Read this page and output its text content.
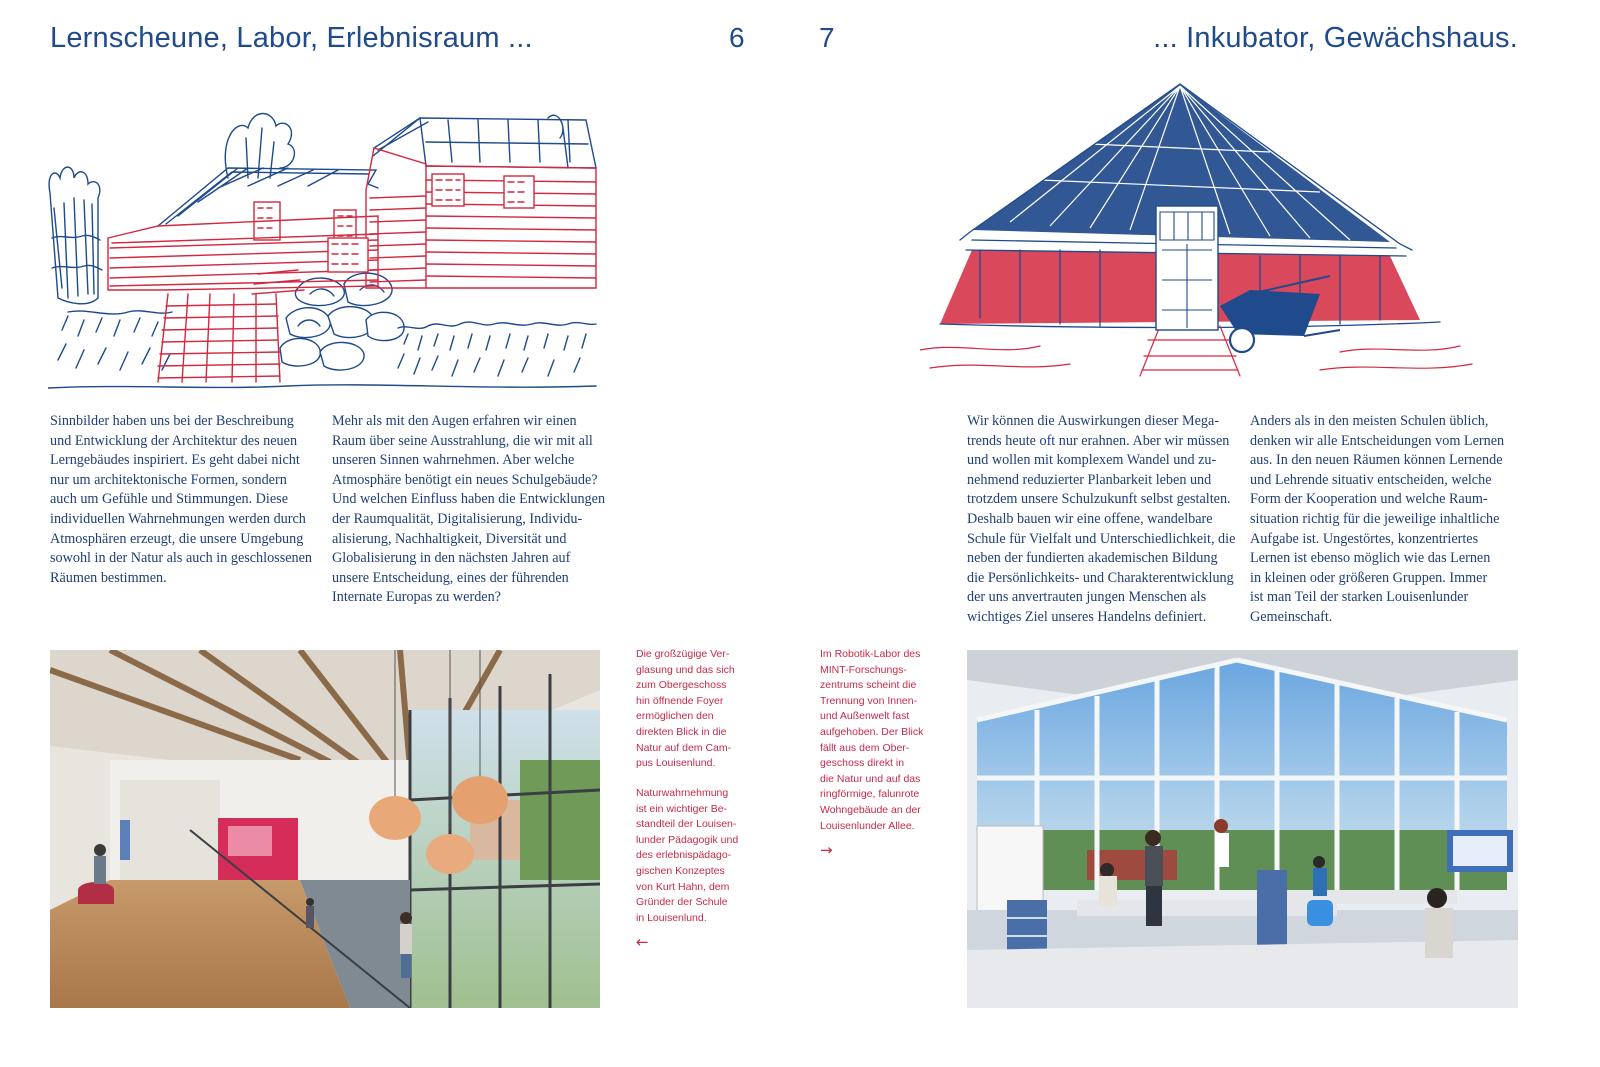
Lernscheune, Labor, Erlebnisraum ...	6	7	... Inkubator, Gewächshaus.

Sinnbilder haben uns bei der Beschreibung
und Entwicklung der Architektur des neuen
Lerngebäudes inspiriert. Es geht dabei nicht
nur um architektonische Formen, sondern
auch um Gefühle und Stimmungen. Diese
individuellen Wahrnehmungen werden durch
Atmosphären erzeugt, die unsere Umgebung
sowohl in der Natur als auch in geschlossenen
Räumen bestimmen.

Mehr als mit den Augen erfahren wir einen
Raum über seine Ausstrahlung, die wir mit all
unseren Sinnen wahrnehmen. Aber welche
Atmosphäre benötigt ein neues Schulgebäude?
Und welchen Einfluss haben die Entwicklungen
der Raumqualität, Digitalisierung, Individu-
alisierung, Nachhaltigkeit, Diversität und
Globalisierung in den nächsten Jahren auf
unsere Entscheidung, eines der führenden
Internate Europas zu werden?

Wir können die Auswirkungen dieser Mega-
trends heute oft nur erahnen. Aber wir müssen
und wollen mit komplexem Wandel und zu-
nehmend reduzierter Planbarkeit leben und
trotzdem unsere Schulzukunft selbst gestalten.
Deshalb bauen wir eine offene, wandelbare
Schule für Vielfalt und Unterschiedlichkeit, die
neben der fundierten akademischen Bildung
die Persönlichkeits- und Charakterentwicklung
der uns anvertrauten jungen Menschen als
wichtiges Ziel unseres Handelns definiert.

Anders als in den meisten Schulen üblich,
denken wir alle Entscheidungen vom Lernen
aus. In den neuen Räumen können Lernende
und Lehrende situativ entscheiden, welche
Form der Kooperation und welche Raum-
situation richtig für die jeweilige inhaltliche
Aufgabe ist. Ungestörtes, konzentriertes
Lernen ist ebenso möglich wie das Lernen
in kleinen oder größeren Gruppen. Immer
ist man Teil der starken Louisenlunder
Gemeinschaft.

Die großzügige Ver-
glasung und das sich
zum Obergeschoss
hin öffnende Foyer
ermöglichen den
direkten Blick in die
Natur auf dem Cam-
pus Louisenlund.
Naturwahrnehmung
ist ein wichtiger Be-
standteil der Louisen-
lunder Pädagogik und
des erlebnispädago-
gischen Konzeptes
von Kurt Hahn, dem
Gründer der Schule
in Louisenlund.
←
Im Robotik-Labor des
MINT-Forschungs-
zentrums scheint die
Trennung von Innen-
und Außenwelt fast
aufgehoben. Der Blick
fällt aus dem Ober-
geschoss direkt in
die Natur und auf das
ringförmige, falunrote
Wohngebäude an der
Louisenlunder Allee.
→
